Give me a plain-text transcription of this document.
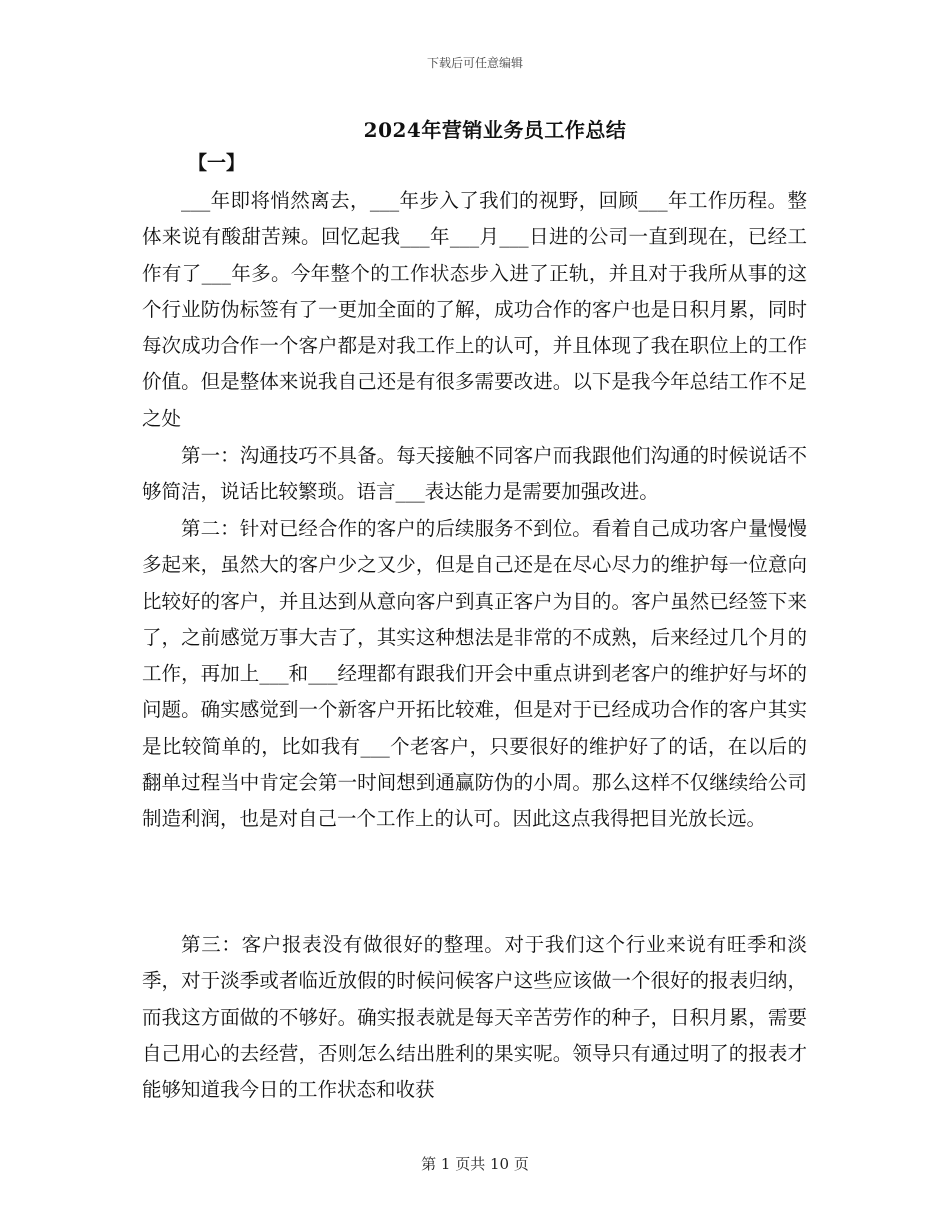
下载后可任意编辑
2024年营销业务员工作总结
【一】

___年即将悄然离去，___年步入了我们的视野，回顾___年工作历程。整体来说有酸甜苦辣。回忆起我___年___月___日进的公司一直到现在，已经工作有了___年多。今年整个的工作状态步入进了正轨，并且对于我所从事的这个行业防伪标签有了一更加全面的了解，成功合作的客户也是日积月累，同时每次成功合作一个客户都是对我工作上的认可，并且体现了我在职位上的工作价值。但是整体来说我自己还是有很多需要改进。以下是我今年总结工作不足之处

第一：沟通技巧不具备。每天接触不同客户而我跟他们沟通的时候说话不够简洁，说话比较繁琐。语言___表达能力是需要加强改进。

第二：针对已经合作的客户的后续服务不到位。看着自己成功客户量慢慢多起来，虽然大的客户少之又少，但是自己还是在尽心尽力的维护每一位意向比较好的客户，并且达到从意向客户到真正客户为目的。客户虽然已经签下来了，之前感觉万事大吉了，其实这种想法是非常的不成熟，后来经过几个月的工作，再加上___和___经理都有跟我们开会中重点讲到老客户的维护好与坏的问题。确实感觉到一个新客户开拓比较难，但是对于已经成功合作的客户其实是比较简单的，比如我有___个老客户，只要很好的维护好了的话，在以后的翻单过程当中肯定会第一时间想到通赢防伪的小周。那么这样不仅继续给公司制造利润，也是对自己一个工作上的认可。因此这点我得把目光放长远。

第三：客户报表没有做很好的整理。对于我们这个行业来说有旺季和淡季，对于淡季或者临近放假的时候问候客户这些应该做一个很好的报表归纳，而我这方面做的不够好。确实报表就是每天辛苦劳作的种子，日积月累，需要自己用心的去经营，否则怎么结出胜利的果实呢。领导只有通过明了的报表才能够知道我今日的工作状态和收获

第 1 页共 10 页
